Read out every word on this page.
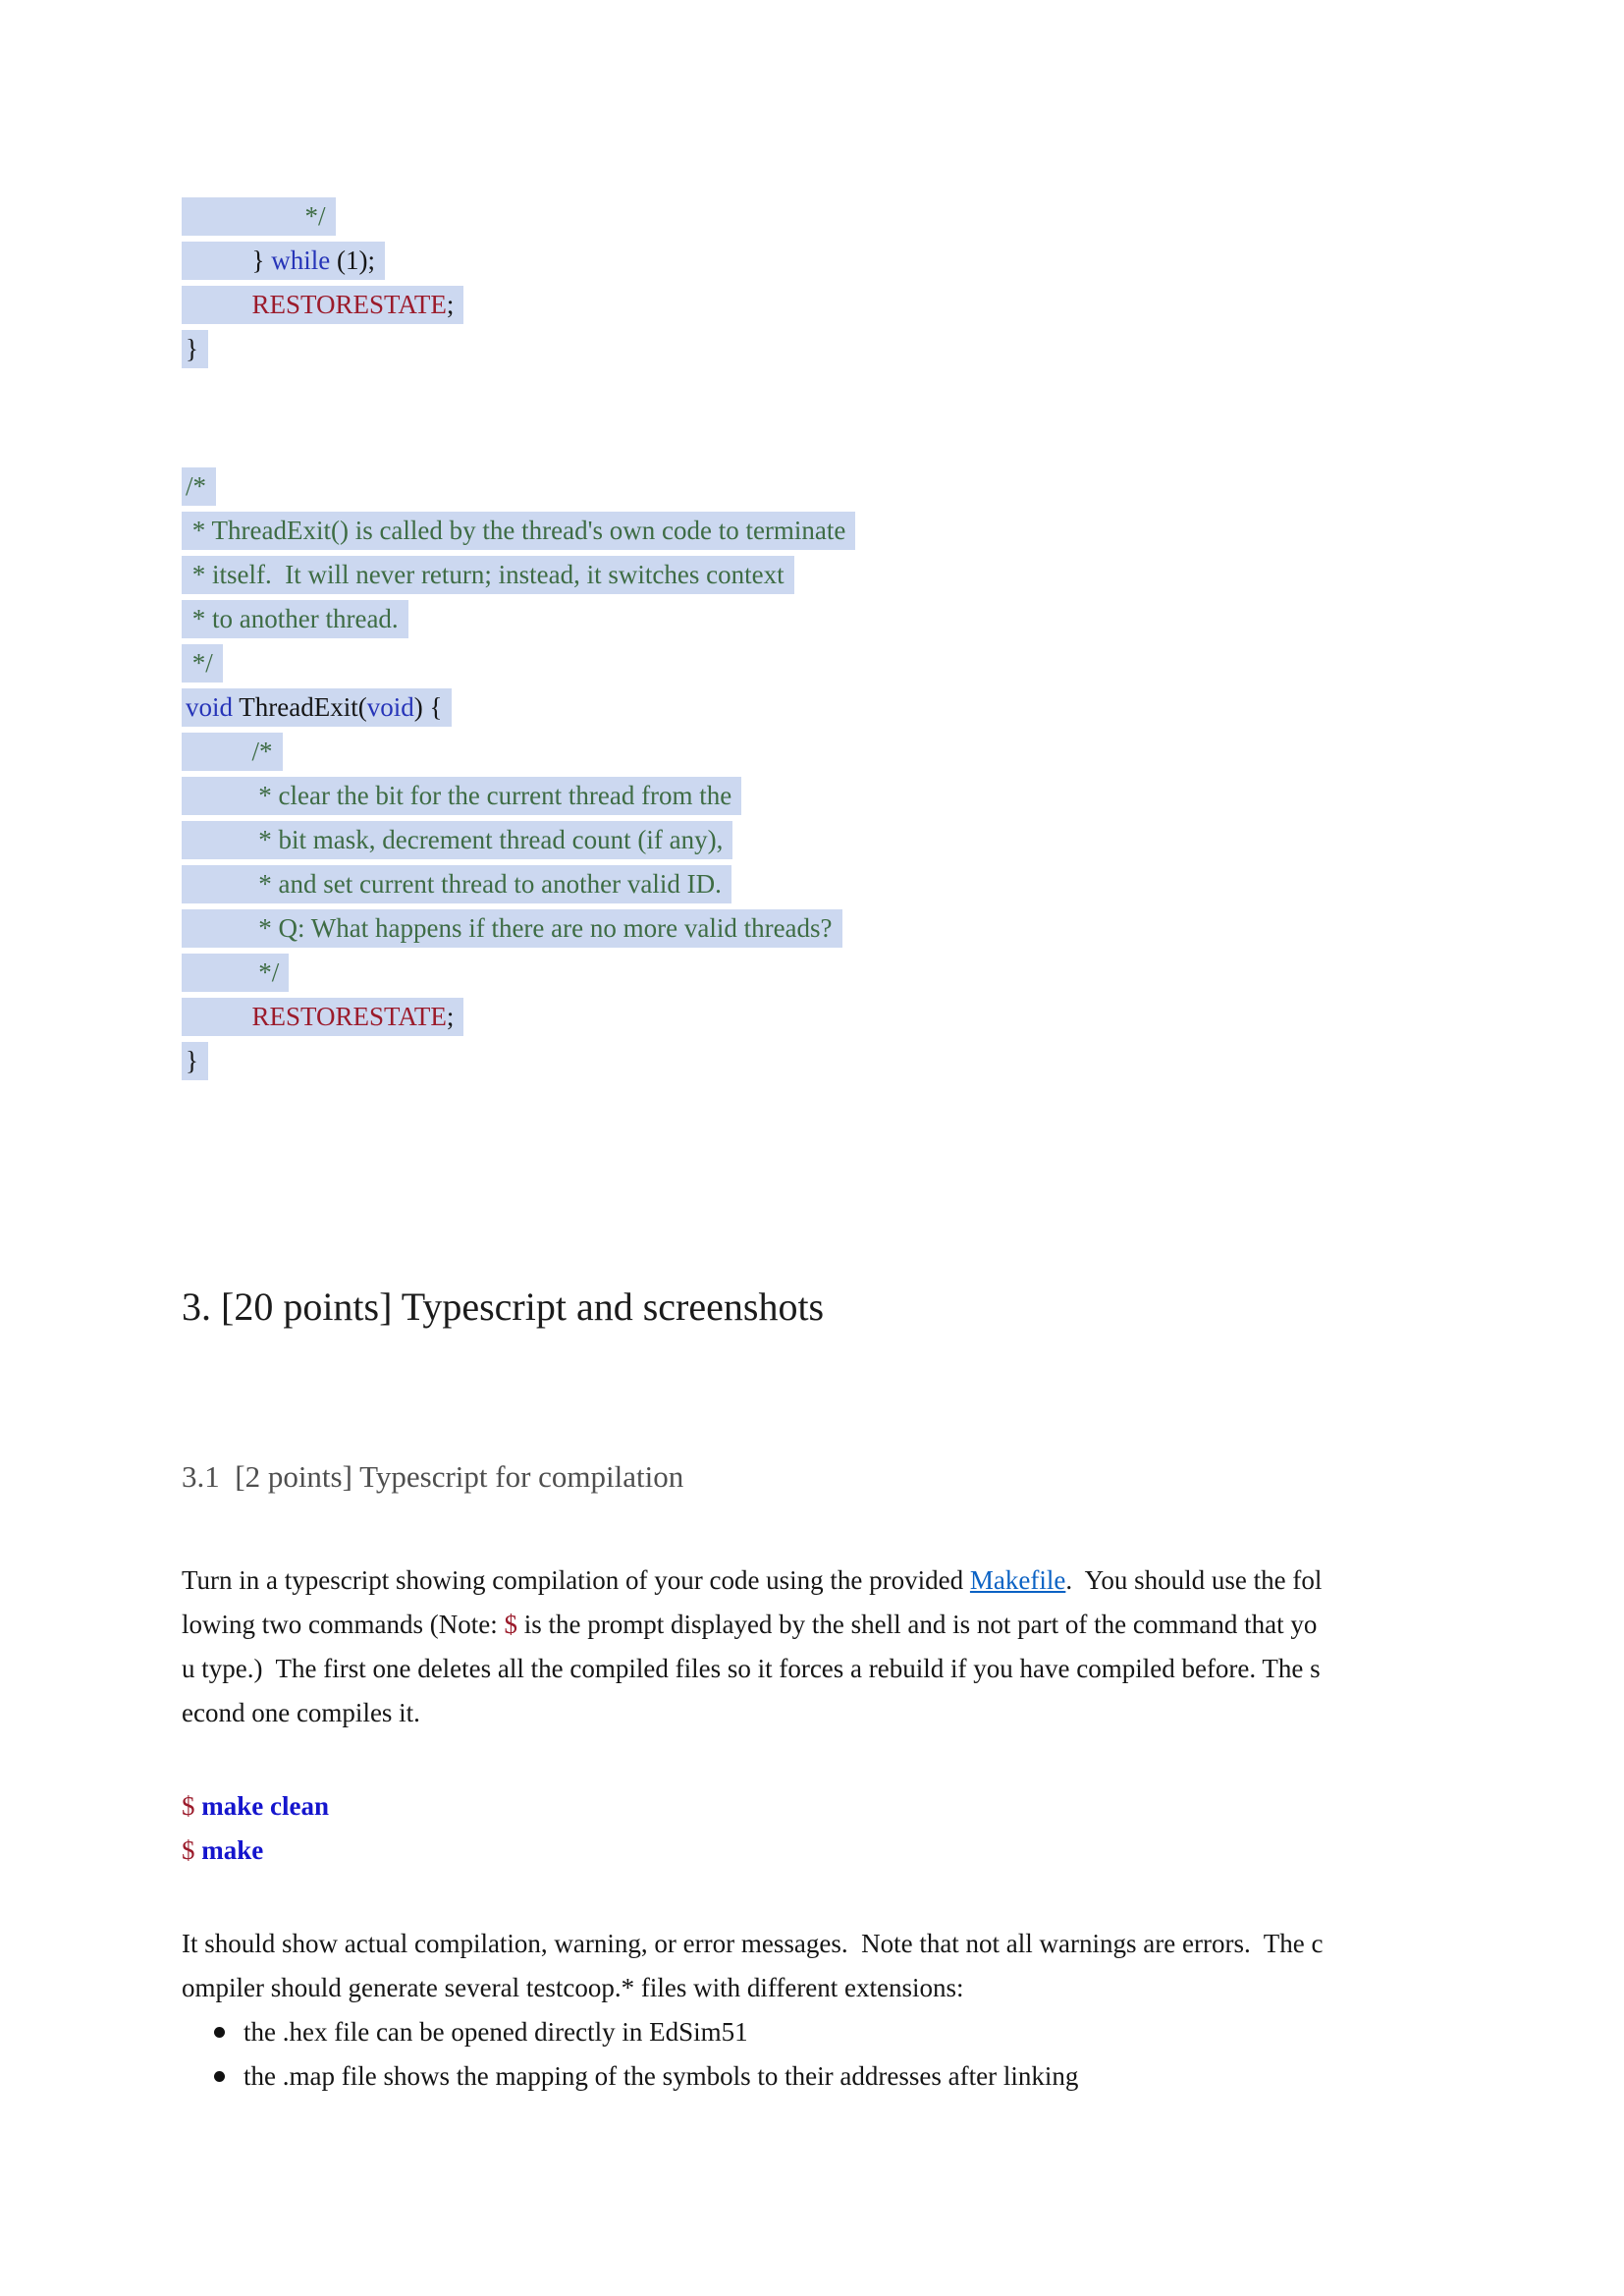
*/
} while (1);
RESTORESTATE;
}
/*
* ThreadExit() is called by the thread's own code to terminate
* itself.  It will never return; instead, it switches context
* to another thread.
*/
void ThreadExit(void) {
/*
* clear the bit for the current thread from the
* bit mask, decrement thread count (if any),
* and set current thread to another valid ID.
* Q: What happens if there are no more valid threads?
*/
RESTORESTATE;
}
3. [20 points] Typescript and screenshots
3.1  [2 points] Typescript for compilation
Turn in a typescript showing compilation of your code using the provided Makefile.  You should use the fol
lowing two commands (Note: $ is the prompt displayed by the shell and is not part of the command that yo
u type.)  The first one deletes all the compiled files so it forces a rebuild if you have compiled before. The s
econd one compiles it.
$ make clean
$ make
It should show actual compilation, warning, or error messages.  Note that not all warnings are errors.  The c
ompiler should generate several testcoop.* files with different extensions:
the .hex file can be opened directly in EdSim51
the .map file shows the mapping of the symbols to their addresses after linking
